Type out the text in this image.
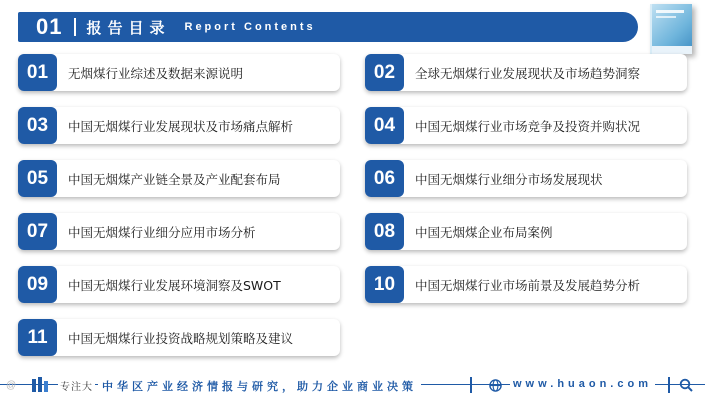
01 报告目录 Report Contents
01	无烟煤行业综述及数据来源说明	02	全球无烟煤行业发展现状及市场趋势洞察
03	中国无烟煤行业发展现状及市场痛点解析	04	中国无烟煤行业市场竞争及投资并购状况
05	中国无烟煤产业链全景及产业配套布局	06	中国无烟煤行业细分市场发展现状
07	中国无烟煤行业细分应用市场分析	08	中国无烟煤企业布局案例
09	中国无烟煤行业发展环境洞察及SWOT	10	中国无烟煤行业市场前景及发展趋势分析
11	中国无烟煤行业投资战略规划策略及建议
@	专注大 中华区产业经济情报与研究，助力企业商业决策	www.huaon.com
